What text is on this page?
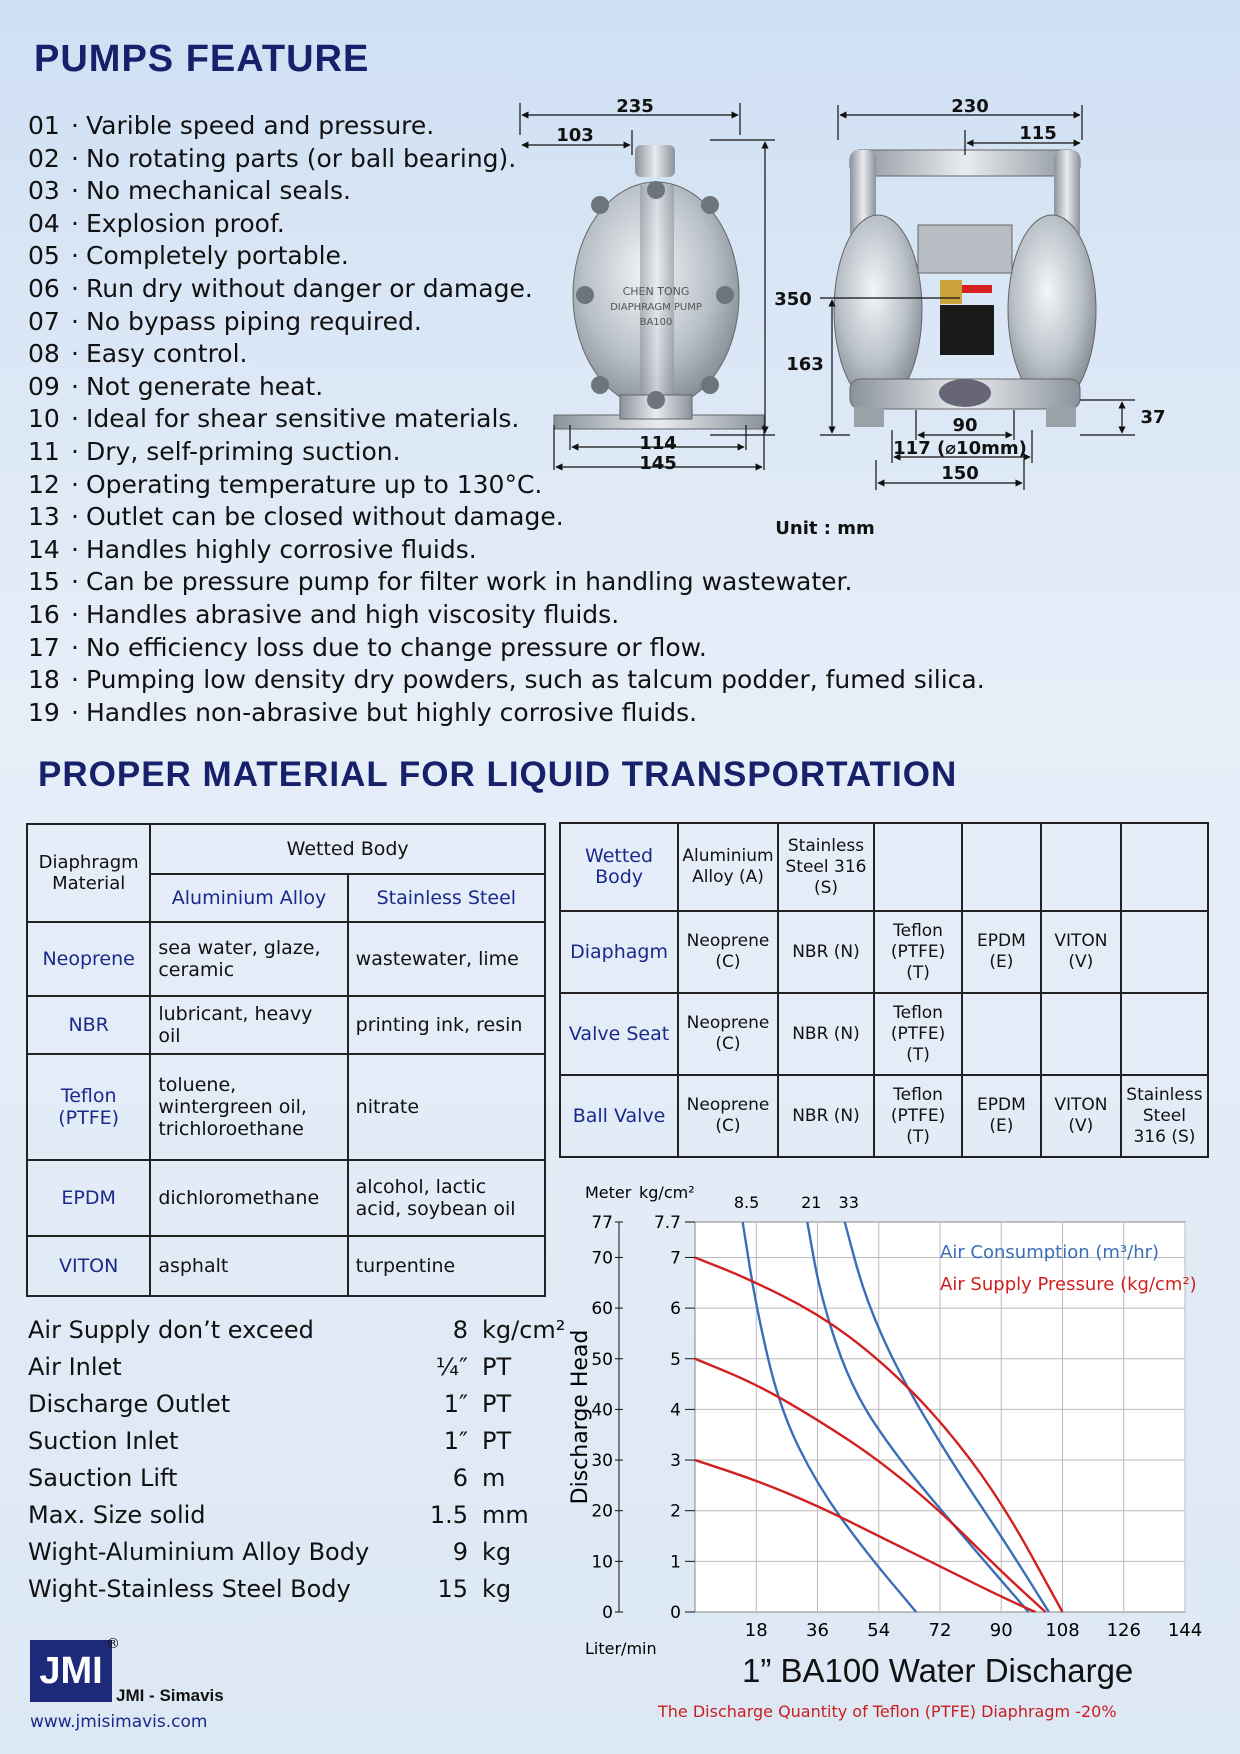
PUMPS FEATURE
01 · Varible speed and pressure.
02 · No rotating parts (or ball bearing).
03 · No mechanical seals.
04 · Explosion proof.
05 · Completely portable.
06 · Run dry without danger or damage.
07 · No bypass piping required.
08 · Easy control.
09 · Not generate heat.
10 · Ideal for shear sensitive materials.
11 · Dry, self-priming suction.
12 · Operating temperature up to 130°C.
13 · Outlet can be closed without damage.
14 · Handles highly corrosive fluids.
15 · Can be pressure pump for filter work in handling wastewater.
16 · Handles abrasive and high viscosity fluids.
17 · No efficiency loss due to change pressure or flow.
18 · Pumping low density dry powders, such as talcum podder, fumed silica.
19 · Handles non-abrasive but highly corrosive fluids.
CHEN TONG
DIAPHRAGM PUMP
BA100
235
103
350
114
145
230
115
163
90
117 (⌀10mm)
150
37
Unit : mm
PROPER MATERIAL FOR LIQUID TRANSPORTATION
Diaphragm Material	Wetted Body	
	Aluminium Alloy	Stainless Steel
Neoprene	sea water, glaze, ceramic	wastewater, lime
NBR	lubricant, heavy oil	printing ink, resin
Teflon (PTFE)	toluene, wintergreen oil, trichloroethane	nitrate
EPDM	dichloromethane	alcohol, lactic acid, soybean oil
VITON	asphalt	turpentine
Wetted Body	Aluminium Alloy (A)	Stainless Steel 316 (S)				
Diaphagm	Neoprene (C)	NBR (N)	Teflon (PTFE) (T)	EPDM (E)	VITON (V)	
Valve Seat	Neoprene (C)	NBR (N)	Teflon (PTFE) (T)			
Ball Valve	Neoprene (C)	NBR (N)	Teflon (PTFE) (T)	EPDM (E)	VITON (V)	Stainless Steel 316 (S)
Air Supply don’t exceed	8 kg/cm²
Air Inlet	¼″ PT
Discharge Outlet	1″ PT
Suction Inlet	1″ PT
Sauction Lift	6 m
Max. Size solid	1.5 mm
Wight-Aluminium Alloy Body	9 kg
Wight-Stainless Steel Body	15 kg
18 36 54 72 90 108 126 144
0	0
10	1
20	2
30	3
40	4
50	5
60	6
70	7
77 7.7
Meter kg/cm²
Discharge Head
Liter/min
8.5	21 33
Air Consumption (m³/hr)
Air Supply Pressure (kg/cm²)
1” BA100 Water Discharge
The Discharge Quantity of Teflon (PTFE) Diaphragm -20%
JMI
®
JMI - Simavis
www.jmisimavis.com
